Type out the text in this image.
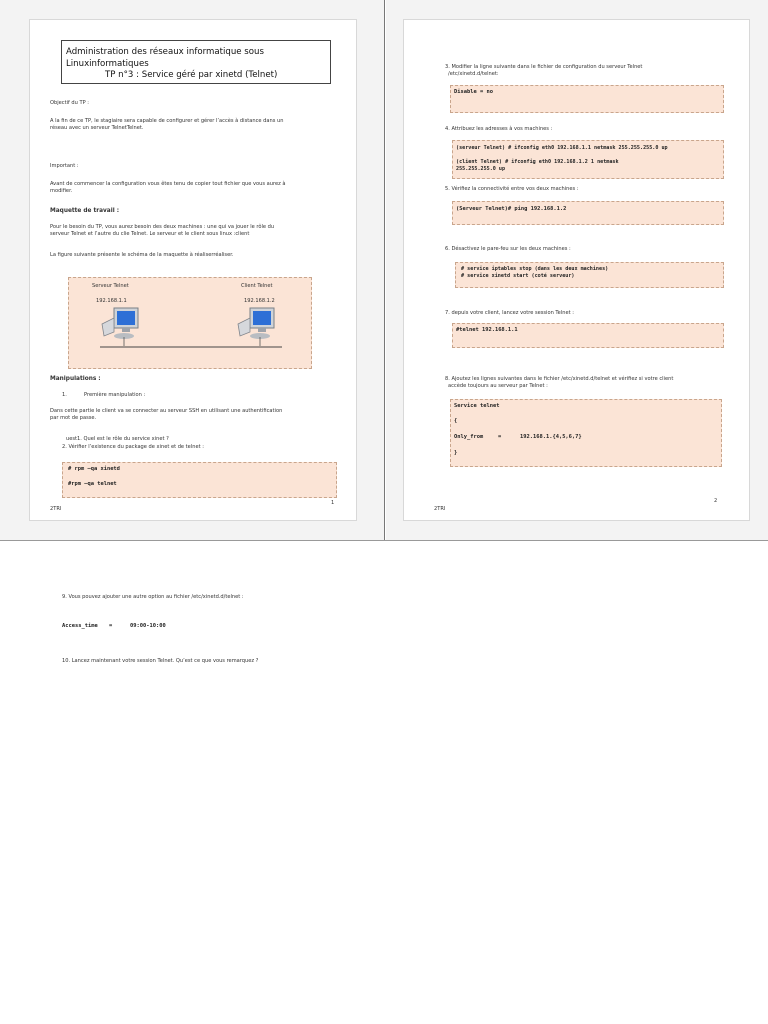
Administration des réseaux informatique sous
Linuxinformatiques
TP n°3 : Service géré par xinetd (Telnet)
Objectif du TP :
A la fin de ce TP, le stagiaire sera capable de configurer et gérer l’accès à distance dans un réseau avec un serveur TelnetTelnet.
Important :
Avant de commencer la configuration vous êtes tenu de copier tout fichier que vous aurez à modifier.
Maquette de travail :
Pour le besoin du TP, vous aurez besoin des deux machines : une qui va jouer le rôle du serveur Telnet et l’autre du clie Telnet. Le serveur et le client sous linux :client
La figure suivante présente le schéma de la maquette à réaliserréaliser.
Serveur Telnet
192.168.1.1
Client Telnet
192.168.1.2
Manipulations :
1.	Première manipulation :
Dans cette partie le client va se connecter au serveur SSH en utilisant une authentification par mot de passe.
uest1. Quel est le rôle du service xinet ?
2. Vérifier l’existence du package de xinet et de telnet :
# rpm –qa xinetd
#rpm –qa telnet
2TRI
1
3. Modifier la ligne suivante dans le fichier de configuration du serveur Telnet
/etc/xinetd.d/telnet:
Disable = no
4. Attribuez les adresses à vos machines :
(serveur Telnet) # ifconfig eth0 192.168.1.1 netmask 255.255.255.0 up
(client Telnet) # ifconfig eth0 192.168.1.2 1 netmask
255.255.255.0 up
5. Vérifiez la connectivité entre vos deux machines :
(Serveur Telnet)# ping 192.168.1.2
6. Désactivez le pare-feu sur les deux machines :
# service iptables stop (dans les deux machines)
# service xinetd start (coté serveur)
7. depuis votre client, lancez votre session Telnet :
#telnet 192.168.1.1
8. Ajoutez les lignes suivantes dans le fichier /etc/xinetd.d/telnet et vérifiez si votre client
accède toujours au serveur par Telnet :
Service telnet
{
Only_from	=	192.168.1.{4,5,6,7}
}
2TRI
2
9. Vous pouvez ajouter une autre option au fichier /etc/xinetd.d/telnet :
Access_time =	09:00-10:00
10. Lancez maintenant votre session Telnet. Qu’est ce que vous remarquez ?
